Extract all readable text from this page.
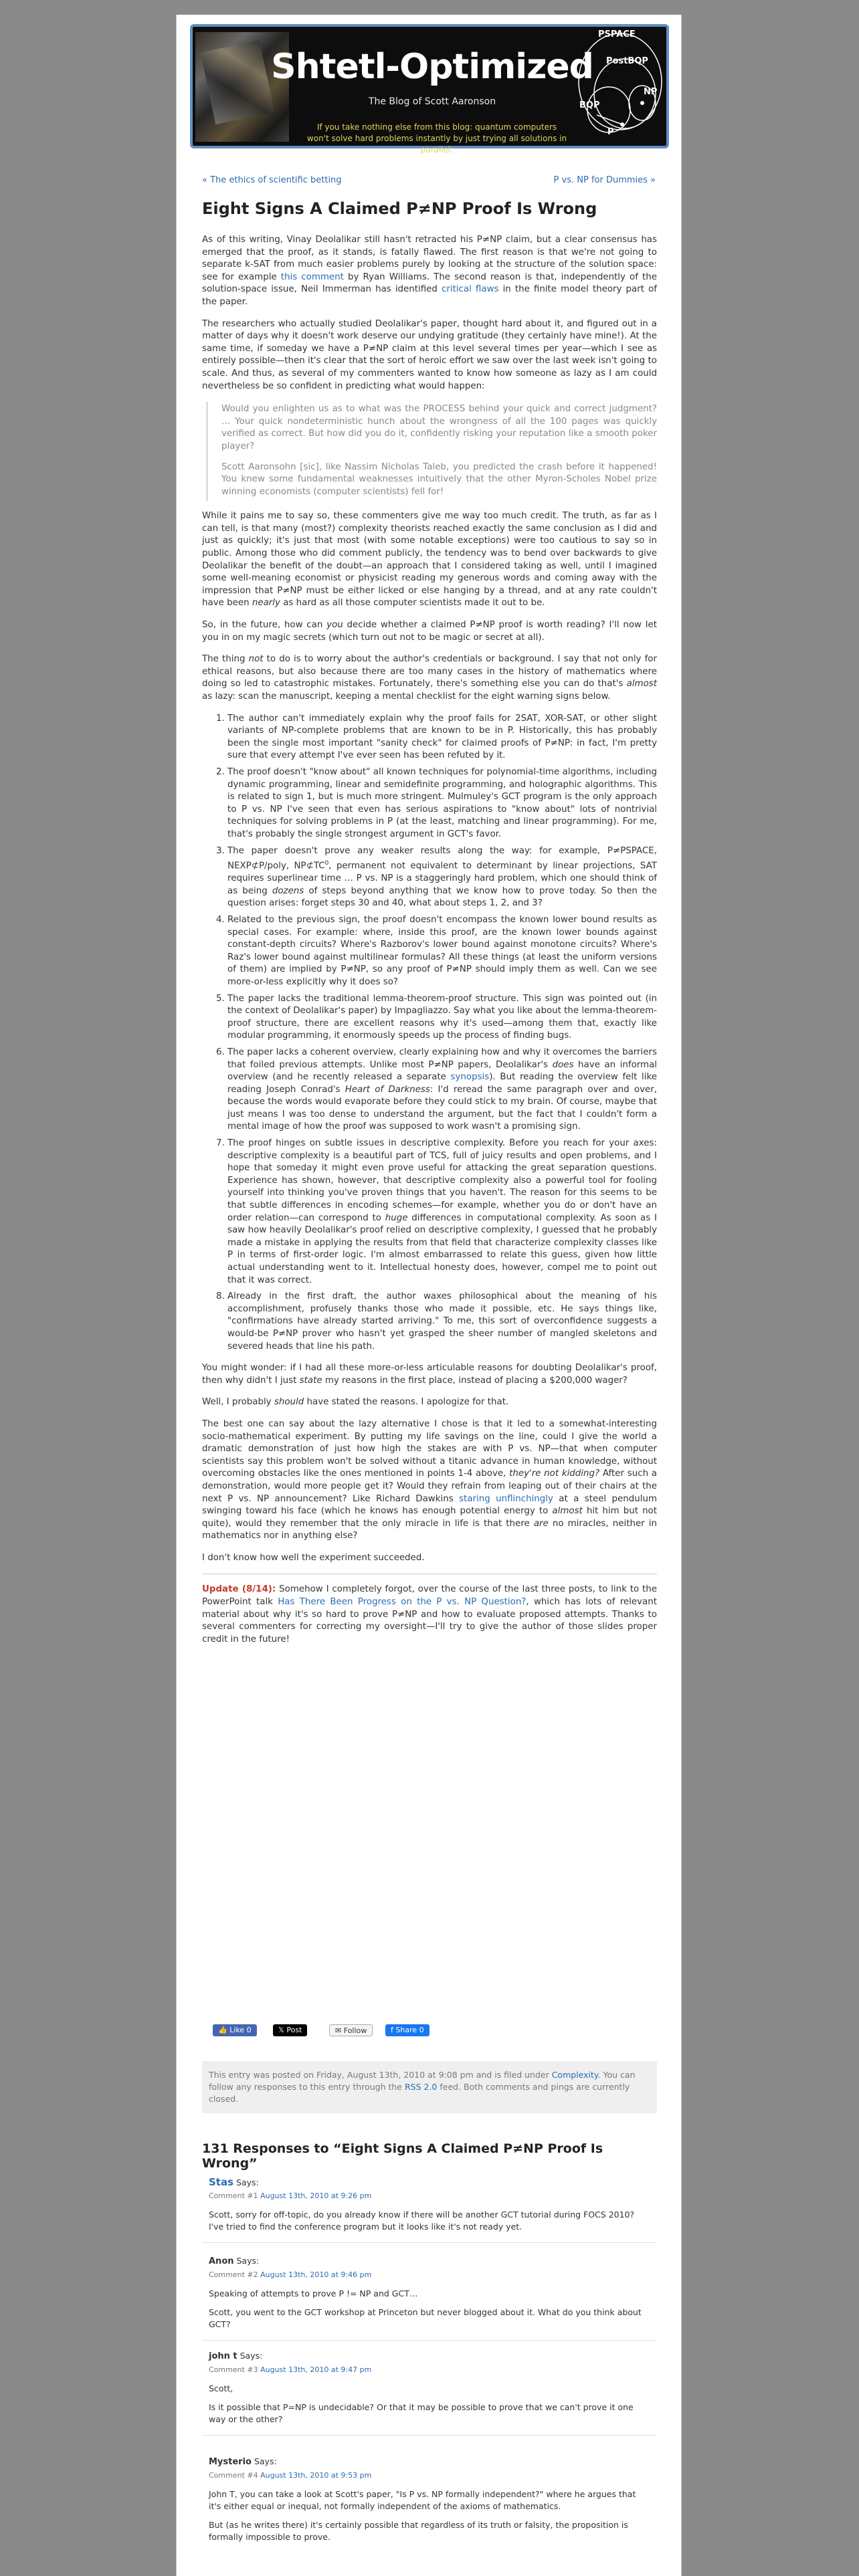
Shtetl-Optimized
The Blog of Scott Aaronson
If you take nothing else from this blog: quantum computers won't solve hard problems instantly by just trying all solutions in parallel.
PSPACE
PostBQP
NP
BQP
P
« The ethics of scientific betting	P vs. NP for Dummies »
Eight Signs A Claimed P≠NP Proof Is Wrong

As of this writing, Vinay Deolalikar still hasn't retracted his P≠NP claim, but a clear consensus has emerged that the proof, as it stands, is fatally flawed. The first reason is that we're not going to separate k-SAT from much easier problems purely by looking at the structure of the solution space: see for example this comment by Ryan Williams. The second reason is that, independently of the solution-space issue, Neil Immerman has identified critical flaws in the finite model theory part of the paper.

The researchers who actually studied Deolalikar's paper, thought hard about it, and figured out in a matter of days why it doesn't work deserve our undying gratitude (they certainly have mine!). At the same time, if someday we have a P≠NP claim at this level several times per year—which I see as entirely possible—then it's clear that the sort of heroic effort we saw over the last week isn't going to scale. And thus, as several of my commenters wanted to know how someone as lazy as I am could nevertheless be so confident in predicting what would happen:

Would you enlighten us as to what was the PROCESS behind your quick and correct judgment? … Your quick nondeterministic hunch about the wrongness of all the 100 pages was quickly verified as correct. But how did you do it, confidently risking your reputation like a smooth poker player?

Scott Aaronsohn [sic], like Nassim Nicholas Taleb, you predicted the crash before it happened! You knew some fundamental weaknesses intuitively that the other Myron-Scholes Nobel prize winning economists (computer scientists) fell for!

While it pains me to say so, these commenters give me way too much credit. The truth, as far as I can tell, is that many (most?) complexity theorists reached exactly the same conclusion as I did and just as quickly; it's just that most (with some notable exceptions) were too cautious to say so in public. Among those who did comment publicly, the tendency was to bend over backwards to give Deolalikar the benefit of the doubt—an approach that I considered taking as well, until I imagined some well-meaning economist or physicist reading my generous words and coming away with the impression that P≠NP must be either licked or else hanging by a thread, and at any rate couldn't have been nearly as hard as all those computer scientists made it out to be.

So, in the future, how can you decide whether a claimed P≠NP proof is worth reading? I'll now let you in on my magic secrets (which turn out not to be magic or secret at all).

The thing not to do is to worry about the author's credentials or background. I say that not only for ethical reasons, but also because there are too many cases in the history of mathematics where doing so led to catastrophic mistakes. Fortunately, there's something else you can do that's almost as lazy: scan the manuscript, keeping a mental checklist for the eight warning signs below.

1. The author can't immediately explain why the proof fails for 2SAT, XOR-SAT, or other slight variants of NP-complete problems that are known to be in P. Historically, this has probably been the single most important "sanity check" for claimed proofs of P≠NP: in fact, I'm pretty sure that every attempt I've ever seen has been refuted by it.
2. The proof doesn't "know about" all known techniques for polynomial-time algorithms, including dynamic programming, linear and semidefinite programming, and holographic algorithms. This is related to sign 1, but is much more stringent. Mulmuley's GCT program is the only approach to P vs. NP I've seen that even has serious aspirations to "know about" lots of nontrivial techniques for solving problems in P (at the least, matching and linear programming). For me, that's probably the single strongest argument in GCT's favor.
3. The paper doesn't prove any weaker results along the way: for example, P≠PSPACE, NEXP⊄P/poly, $NP⊄TC^0$, permanent not equivalent to determinant by linear projections, SAT requires superlinear time … P vs. NP is a staggeringly hard problem, which one should think of as being dozens of steps beyond anything that we know how to prove today. So then the question arises: forget steps 30 and 40, what about steps 1, 2, and 3?
4. Related to the previous sign, the proof doesn't encompass the known lower bound results as special cases. For example: where, inside this proof, are the known lower bounds against constant-depth circuits? Where's Razborov's lower bound against monotone circuits? Where's Raz's lower bound against multilinear formulas? All these things (at least the uniform versions of them) are implied by P≠NP, so any proof of P≠NP should imply them as well. Can we see more-or-less explicitly why it does so?
5. The paper lacks the traditional lemma-theorem-proof structure. This sign was pointed out (in the context of Deolalikar's paper) by Impagliazzo. Say what you like about the lemma-theorem-proof structure, there are excellent reasons why it's used—among them that, exactly like modular programming, it enormously speeds up the process of finding bugs.
6. The paper lacks a coherent overview, clearly explaining how and why it overcomes the barriers that foiled previous attempts. Unlike most P≠NP papers, Deolalikar's does have an informal overview (and he recently released a separate synopsis). But reading the overview felt like reading Joseph Conrad's Heart of Darkness: I'd reread the same paragraph over and over, because the words would evaporate before they could stick to my brain. Of course, maybe that just means I was too dense to understand the argument, but the fact that I couldn't form a mental image of how the proof was supposed to work wasn't a promising sign.
7. The proof hinges on subtle issues in descriptive complexity. Before you reach for your axes: descriptive complexity is a beautiful part of TCS, full of juicy results and open problems, and I hope that someday it might even prove useful for attacking the great separation questions. Experience has shown, however, that descriptive complexity also a powerful tool for fooling yourself into thinking you've proven things that you haven't. The reason for this seems to be that subtle differences in encoding schemes—for example, whether you do or don't have an order relation—can correspond to huge differences in computational complexity. As soon as I saw how heavily Deolalikar's proof relied on descriptive complexity, I guessed that he probably made a mistake in applying the results from that field that characterize complexity classes like P in terms of first-order logic. I'm almost embarrassed to relate this guess, given how little actual understanding went to it. Intellectual honesty does, however, compel me to point out that it was correct.
8. Already in the first draft, the author waxes philosophical about the meaning of his accomplishment, profusely thanks those who made it possible, etc. He says things like, "confirmations have already started arriving." To me, this sort of overconfidence suggests a would-be P≠NP prover who hasn't yet grasped the sheer number of mangled skeletons and severed heads that line his path.

You might wonder: if I had all these more-or-less articulable reasons for doubting Deolalikar's proof, then why didn't I just state my reasons in the first place, instead of placing a $200,000 wager?

Well, I probably should have stated the reasons. I apologize for that.

The best one can say about the lazy alternative I chose is that it led to a somewhat-interesting socio-mathematical experiment. By putting my life savings on the line, could I give the world a dramatic demonstration of just how high the stakes are with P vs. NP—that when computer scientists say this problem won't be solved without a titanic advance in human knowledge, without overcoming obstacles like the ones mentioned in points 1-4 above, they're not kidding? After such a demonstration, would more people get it? Would they refrain from leaping out of their chairs at the next P vs. NP announcement? Like Richard Dawkins staring unflinchingly at a steel pendulum swinging toward his face (which he knows has enough potential energy to almost hit him but not quite), would they remember that the only miracle in life is that there are no miracles, neither in mathematics nor in anything else?

I don't know how well the experiment succeeded.

Update (8/14): Somehow I completely forgot, over the course of the last three posts, to link to the PowerPoint talk Has There Been Progress on the P vs. NP Question?, which has lots of relevant material about why it's so hard to prove P≠NP and how to evaluate proposed attempts. Thanks to several commenters for correcting my oversight—I'll try to give the author of those slides proper credit in the future!

👍 Like 0	𝕏 Post	✉ Follow	f Share 0
This entry was posted on Friday, August 13th, 2010 at 9:08 pm and is filed under Complexity. You can follow any responses to this entry through the RSS 2.0 feed. Both comments and pings are currently closed.
131 Responses to “Eight Signs A Claimed P≠NP Proof Is Wrong”
Stas Says:
Comment #1 August 13th, 2010 at 9:26 pm

Scott, sorry for off-topic, do you already know if there will be another GCT tutorial during FOCS 2010? I've tried to find the conference program but it looks like it's not ready yet.

Anon Says:
Comment #2 August 13th, 2010 at 9:46 pm

Speaking of attempts to prove P != NP and GCT…

Scott, you went to the GCT workshop at Princeton but never blogged about it. What do you think about GCT?

john t Says:
Comment #3 August 13th, 2010 at 9:47 pm

Scott,

Is it possible that P=NP is undecidable? Or that it may be possible to prove that we can't prove it one way or the other?

Mysterio Says:
Comment #4 August 13th, 2010 at 9:53 pm

John T, you can take a look at Scott's paper, "Is P vs. NP formally independent?" where he argues that it's either equal or inequal, not formally independent of the axioms of mathematics.

But (as he writes there) it's certainly possible that regardless of its truth or falsity, the proposition is formally impossible to prove.
